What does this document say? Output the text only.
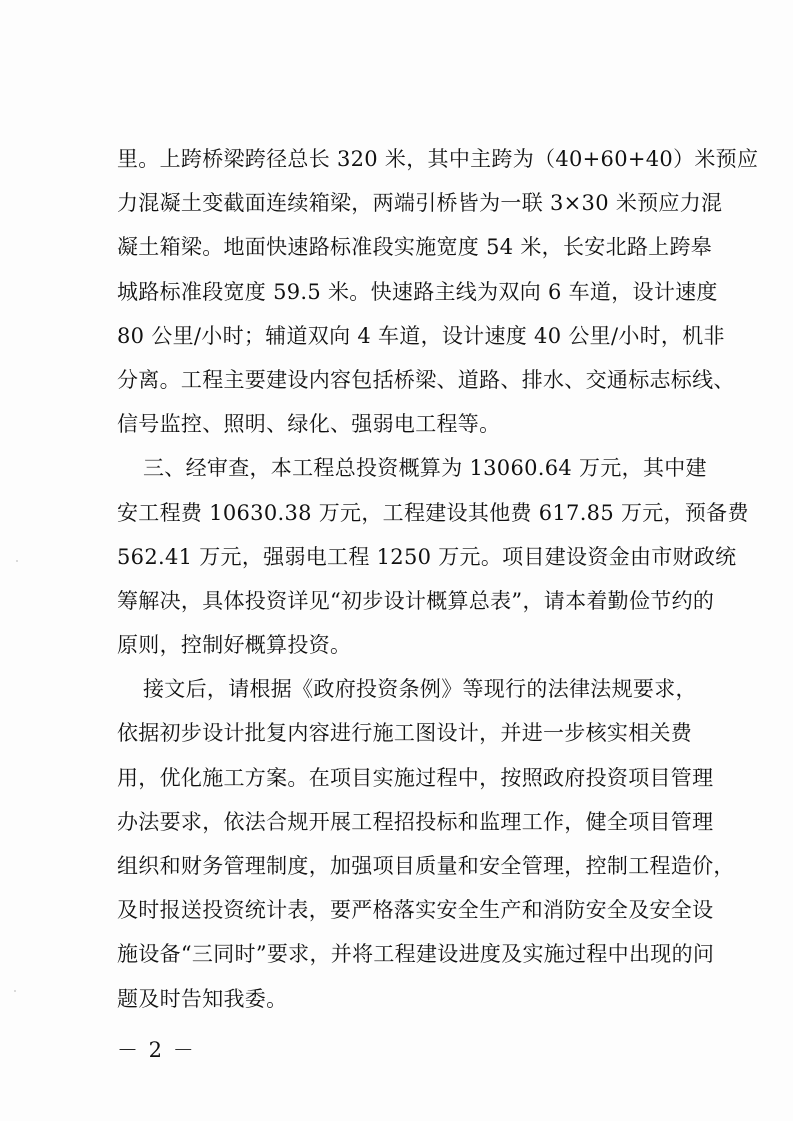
里。上跨桥梁跨径总长 320 米，其中主跨为（40+60+40）米预应
力混凝土变截面连续箱梁，两端引桥皆为一联 3×30 米预应力混
凝土箱梁。地面快速路标准段实施宽度 54 米，长安北路上跨皋
城路标准段宽度 59.5 米。快速路主线为双向 6 车道，设计速度
80 公里/小时；辅道双向 4 车道，设计速度 40 公里/小时，机非
分离。工程主要建设内容包括桥梁、道路、排水、交通标志标线、
信号监控、照明、绿化、强弱电工程等。
三、经审查，本工程总投资概算为 13060.64 万元，其中建
安工程费 10630.38 万元，工程建设其他费 617.85 万元，预备费
562.41 万元，强弱电工程 1250 万元。项目建设资金由市财政统
筹解决，具体投资详见“初步设计概算总表”，请本着勤俭节约的
原则，控制好概算投资。
接文后，请根据《政府投资条例》等现行的法律法规要求，
依据初步设计批复内容进行施工图设计，并进一步核实相关费
用，优化施工方案。在项目实施过程中，按照政府投资项目管理
办法要求，依法合规开展工程招投标和监理工作，健全项目管理
组织和财务管理制度，加强项目质量和安全管理，控制工程造价，
及时报送投资统计表，要严格落实安全生产和消防安全及安全设
施设备“三同时”要求，并将工程建设进度及实施过程中出现的问
题及时告知我委。
－ 2 －
